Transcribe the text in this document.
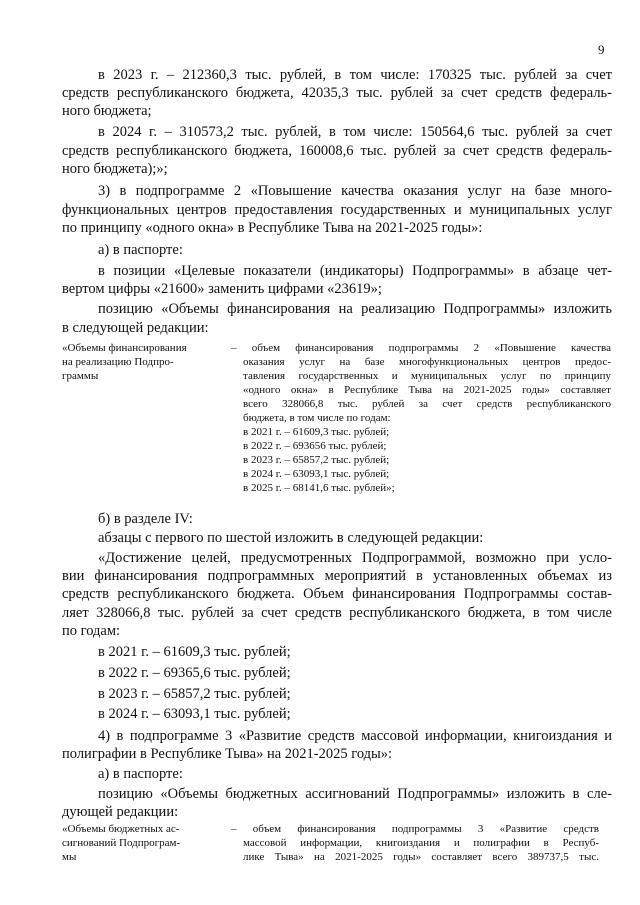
9
в 2023 г. – 212360,3 тыс. рублей, в том числе: 170325 тыс. рублей за счет
средств республиканского бюджета, 42035,3 тыс. рублей за счет средств федераль-
ного бюджета;
в 2024 г. – 310573,2 тыс. рублей, в том числе: 150564,6 тыс. рублей за счет
средств республиканского бюджета, 160008,6 тыс. рублей за счет средств федераль-
ного бюджета);»;
3) в подпрограмме 2 «Повышение качества оказания услуг на базе много-
функциональных центров предоставления государственных и муниципальных услуг
по принципу «одного окна» в Республике Тыва на 2021-2025 годы»:
а) в паспорте:
в позиции «Целевые показатели (индикаторы) Подпрограммы» в абзаце чет-
вертом цифры «21600» заменить цифрами «23619»;
позицию «Объемы финансирования на реализацию Подпрограммы» изложить
в следующей редакции:
«Объемы финансирования
на реализацию Подпро-
граммы
– объем финансирования подпрограммы 2 «Повышение качества
оказания услуг на базе многофункциональных центров предос-
тавления государственных и муниципальных услуг по принципу
«одного окна» в Республике Тыва на 2021-2025 годы» составляет
всего 328066,8 тыс. рублей за счет средств республиканского
бюджета, в том числе по годам:
в 2021 г. – 61609,3 тыс. рублей;
в 2022 г. – 693656 тыс. рублей;
в 2023 г. – 65857,2 тыс. рублей;
в 2024 г. – 63093,1 тыс. рублей;
в 2025 г. – 68141,6 тыс. рублей»;
б) в разделе IV:
абзацы с первого по шестой изложить в следующей редакции:
«Достижение целей, предусмотренных Подпрограммой, возможно при усло-
вии финансирования подпрограммных мероприятий в установленных объемах из
средств республиканского бюджета. Объем финансирования Подпрограммы состав-
ляет 328066,8 тыс. рублей за счет средств республиканского бюджета, в том числе
по годам:
в 2021 г. – 61609,3 тыс. рублей;
в 2022 г. – 69365,6 тыс. рублей;
в 2023 г. – 65857,2 тыс. рублей;
в 2024 г. – 63093,1 тыс. рублей;
4) в подпрограмме 3 «Развитие средств массовой информации, книгоиздания и
полиграфии в Республике Тыва» на 2021-2025 годы»:
а) в паспорте:
позицию «Объемы бюджетных ассигнований Подпрограммы» изложить в сле-
дующей редакции:
«Объемы бюджетных ас-
сигнований Подпрограм-
мы
– объем финансирования подпрограммы 3 «Развитие средств
массовой информации, книгоиздания и полиграфии в Респуб-
лике Тыва» на 2021-2025 годы» составляет всего 389737,5 тыс.
